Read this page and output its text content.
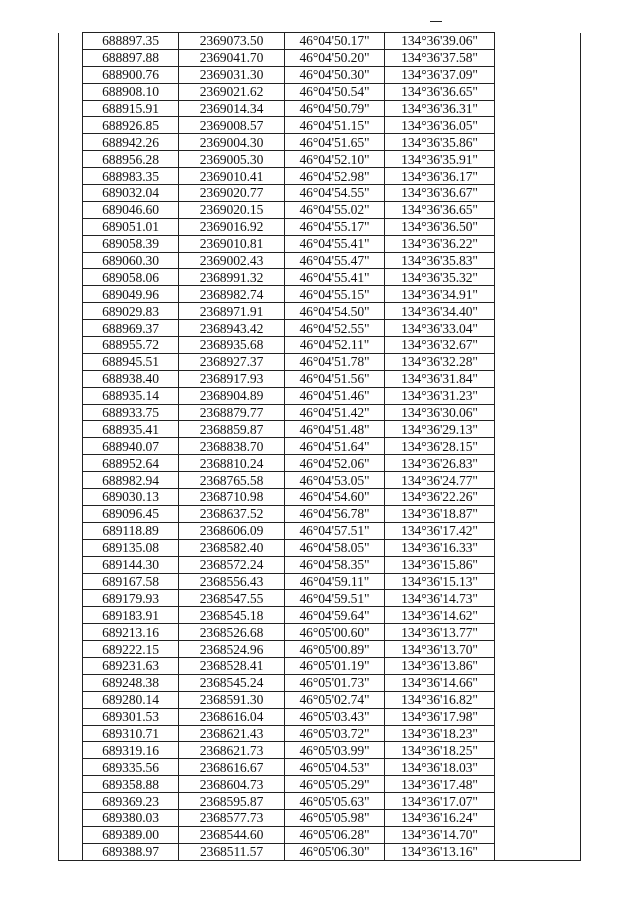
	688897.35	2369073.50	46°04'50.17"	134°36'39.06"	
	688897.88	2369041.70	46°04'50.20"	134°36'37.58"	
	688900.76	2369031.30	46°04'50.30"	134°36'37.09"	
	688908.10	2369021.62	46°04'50.54"	134°36'36.65"	
	688915.91	2369014.34	46°04'50.79"	134°36'36.31"	
	688926.85	2369008.57	46°04'51.15"	134°36'36.05"	
	688942.26	2369004.30	46°04'51.65"	134°36'35.86"	
	688956.28	2369005.30	46°04'52.10"	134°36'35.91"	
	688983.35	2369010.41	46°04'52.98"	134°36'36.17"	
	689032.04	2369020.77	46°04'54.55"	134°36'36.67"	
	689046.60	2369020.15	46°04'55.02"	134°36'36.65"	
	689051.01	2369016.92	46°04'55.17"	134°36'36.50"	
	689058.39	2369010.81	46°04'55.41"	134°36'36.22"	
	689060.30	2369002.43	46°04'55.47"	134°36'35.83"	
	689058.06	2368991.32	46°04'55.41"	134°36'35.32"	
	689049.96	2368982.74	46°04'55.15"	134°36'34.91"	
	689029.83	2368971.91	46°04'54.50"	134°36'34.40"	
	688969.37	2368943.42	46°04'52.55"	134°36'33.04"	
	688955.72	2368935.68	46°04'52.11"	134°36'32.67"	
	688945.51	2368927.37	46°04'51.78"	134°36'32.28"	
	688938.40	2368917.93	46°04'51.56"	134°36'31.84"	
	688935.14	2368904.89	46°04'51.46"	134°36'31.23"	
	688933.75	2368879.77	46°04'51.42"	134°36'30.06"	
	688935.41	2368859.87	46°04'51.48"	134°36'29.13"	
	688940.07	2368838.70	46°04'51.64"	134°36'28.15"	
	688952.64	2368810.24	46°04'52.06"	134°36'26.83"	
	688982.94	2368765.58	46°04'53.05"	134°36'24.77"	
	689030.13	2368710.98	46°04'54.60"	134°36'22.26"	
	689096.45	2368637.52	46°04'56.78"	134°36'18.87"	
	689118.89	2368606.09	46°04'57.51"	134°36'17.42"	
	689135.08	2368582.40	46°04'58.05"	134°36'16.33"	
	689144.30	2368572.24	46°04'58.35"	134°36'15.86"	
	689167.58	2368556.43	46°04'59.11"	134°36'15.13"	
	689179.93	2368547.55	46°04'59.51"	134°36'14.73"	
	689183.91	2368545.18	46°04'59.64"	134°36'14.62"	
	689213.16	2368526.68	46°05'00.60"	134°36'13.77"	
	689222.15	2368524.96	46°05'00.89"	134°36'13.70"	
	689231.63	2368528.41	46°05'01.19"	134°36'13.86"	
	689248.38	2368545.24	46°05'01.73"	134°36'14.66"	
	689280.14	2368591.30	46°05'02.74"	134°36'16.82"	
	689301.53	2368616.04	46°05'03.43"	134°36'17.98"	
	689310.71	2368621.43	46°05'03.72"	134°36'18.23"	
	689319.16	2368621.73	46°05'03.99"	134°36'18.25"	
	689335.56	2368616.67	46°05'04.53"	134°36'18.03"	
	689358.88	2368604.73	46°05'05.29"	134°36'17.48"	
	689369.23	2368595.87	46°05'05.63"	134°36'17.07"	
	689380.03	2368577.73	46°05'05.98"	134°36'16.24"	
	689389.00	2368544.60	46°05'06.28"	134°36'14.70"	
	689388.97	2368511.57	46°05'06.30"	134°36'13.16"	
